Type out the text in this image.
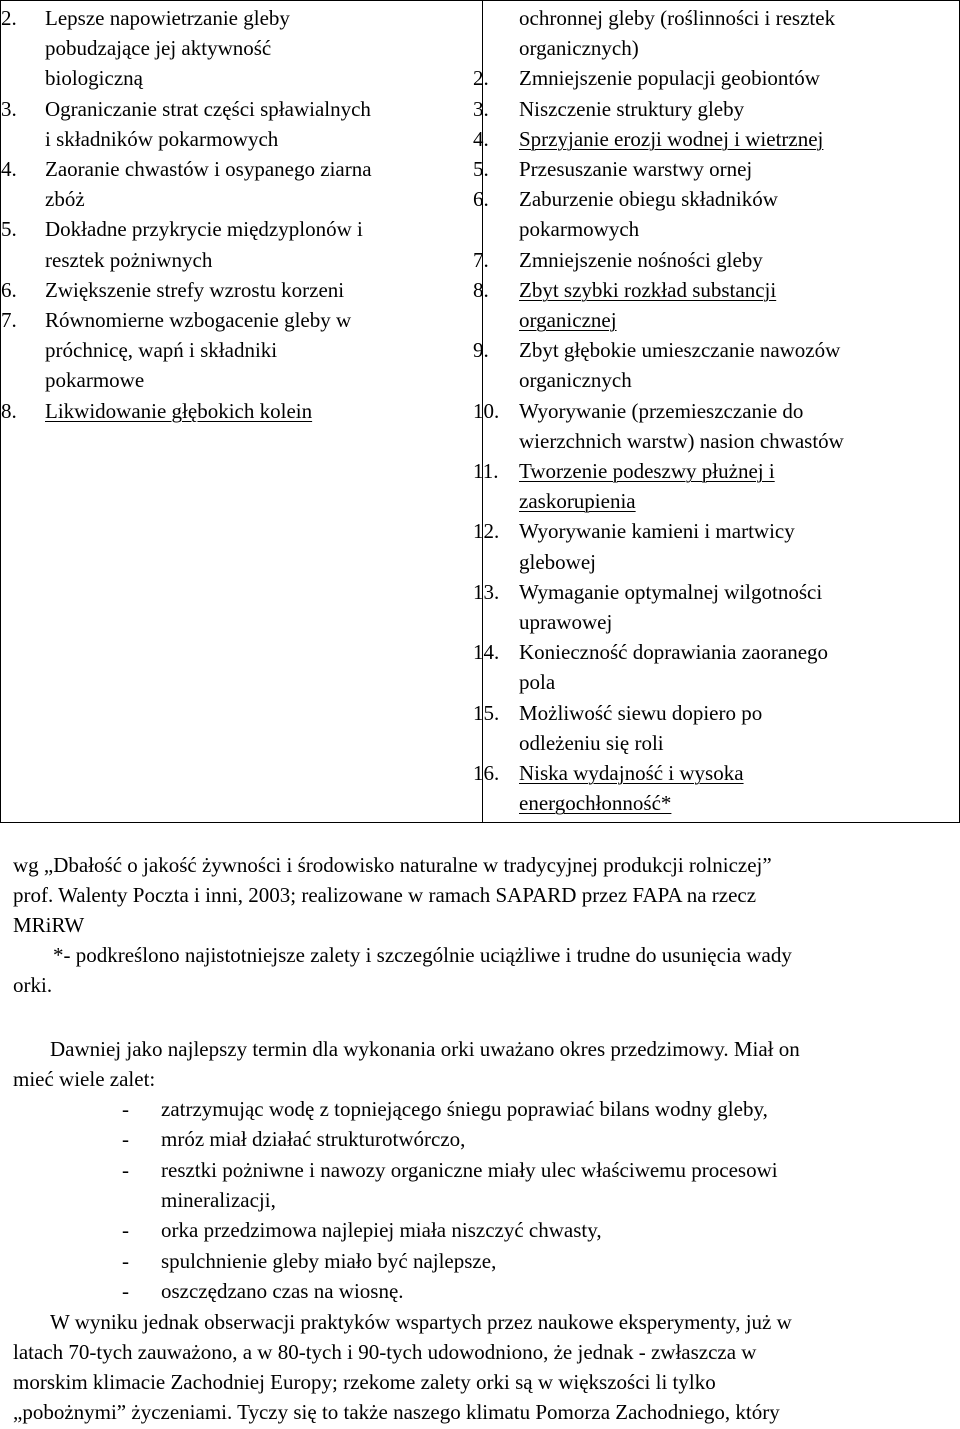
2.	Lepsze napowietrzanie gleby
pobudzające jej aktywność
biologiczną
3.	Ograniczanie strat części spławialnych
i składników pokarmowych
4.	Zaoranie chwastów i osypanego ziarna
zbóż
5.	Dokładne przykrycie międzyplonów i
resztek pożniwnych
6.	Zwiększenie strefy wzrostu korzeni
7.	Równomierne wzbogacenie gleby w
próchnicę, wapń i składniki
pokarmowe
8.	Likwidowanie głębokich kolein
ochronnej gleby (roślinności i resztek
organicznych)
2.	Zmniejszenie populacji geobiontów
3.	Niszczenie struktury gleby
4.	Sprzyjanie erozji wodnej i wietrznej
5.	Przesuszanie warstwy ornej
6.	Zaburzenie obiegu składników
pokarmowych
7.	Zmniejszenie nośności gleby
8.	Zbyt szybki rozkład substancji
organicznej
9.	Zbyt głębokie umieszczanie nawozów
organicznych
10. Wyorywanie (przemieszczanie do
wierzchnich warstw) nasion chwastów
11. Tworzenie podeszwy płużnej i
zaskorupienia
12. Wyorywanie kamieni i martwicy
glebowej
13. Wymaganie optymalnej wilgotności
uprawowej
14. Konieczność doprawiania zaoranego
pola
15. Możliwość siewu dopiero po
odleżeniu się roli
16. Niska wydajność i wysoka
energochłonność*
wg „Dbałość o jakość żywności i środowisko naturalne w tradycyjnej produkcji rolniczej”
prof. Walenty Poczta i inni, 2003; realizowane w ramach SAPARD przez FAPA na rzecz
MRiRW
*- podkreślono najistotniejsze zalety i szczególnie uciążliwe i trudne do usunięcia wady
orki.
Dawniej jako najlepszy termin dla wykonania orki uważano okres przedzimowy. Miał on
mieć wiele zalet:
- zatrzymując wodę z topniejącego śniegu poprawiać bilans wodny gleby,
- mróz miał działać strukturotwórczo,
- resztki pożniwne i nawozy organiczne miały ulec właściwemu procesowi
mineralizacji,
- orka przedzimowa najlepiej miała niszczyć chwasty,
- spulchnienie gleby miało być najlepsze,
- oszczędzano czas na wiosnę.
W wyniku jednak obserwacji praktyków wspartych przez naukowe eksperymenty, już w
latach 70-tych zauważono, a w 80-tych i 90-tych udowodniono, że jednak - zwłaszcza w
morskim klimacie Zachodniej Europy; rzekome zalety orki są w większości li tylko
„pobożnymi” życzeniami. Tyczy się to także naszego klimatu Pomorza Zachodniego, który
